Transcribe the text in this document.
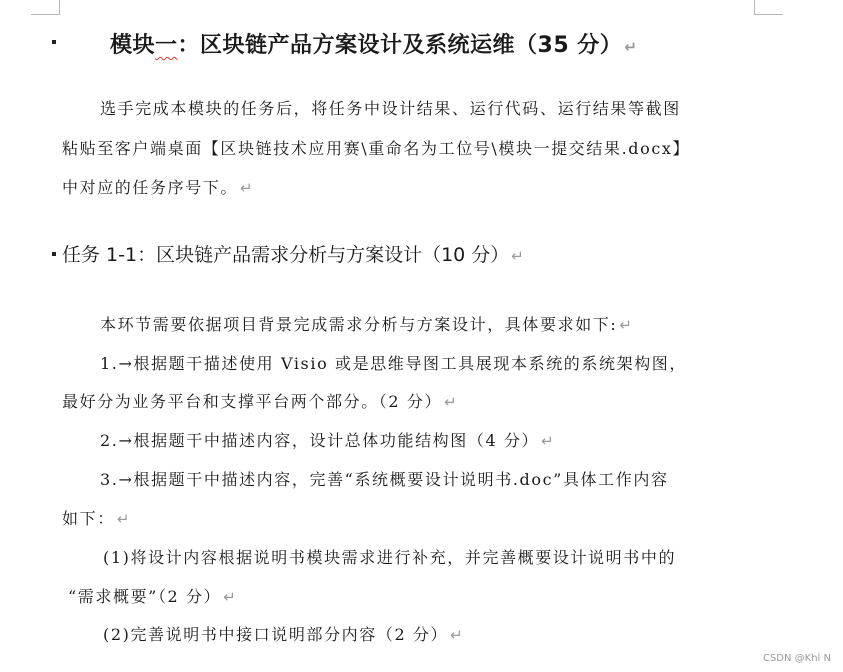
模块一：区块链产品方案设计及系统运维（35 分） ↵
选手完成本模块的任务后，将任务中设计结果、运行代码、运行结果等截图
粘贴至客户端桌面【区块链技术应用赛\重命名为工位号\模块一提交结果.docx】
中对应的任务序号下。 ↵
任务 1-1：区块链产品需求分析与方案设计（10 分） ↵
本环节需要依据项目背景完成需求分析与方案设计，具体要求如下: ↵
1.→根据题干描述使用 Visio 或是思维导图工具展现本系统的系统架构图，
最好分为业务平台和支撑平台两个部分。（2 分） ↵
2.→根据题干中描述内容，设计总体功能结构图（4 分） ↵
3.→根据题干中描述内容，完善“系统概要设计说明书.doc”具体工作内容
如下： ↵
(1)将设计内容根据说明书模块需求进行补充，并完善概要设计说明书中的
“需求概要”（2 分） ↵
(2)完善说明书中接口说明部分内容（2 分） ↵
CSDN @Khl N
